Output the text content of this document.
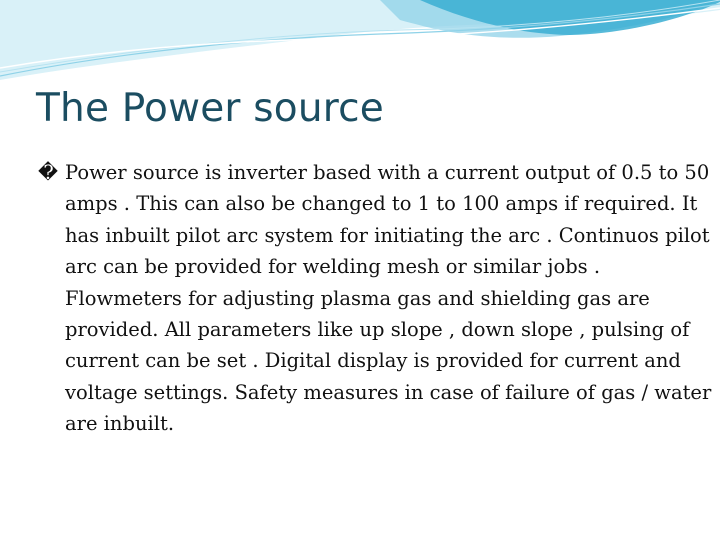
The Power source

� Power source is inverter based with a current output of 0.5 to 50 amps . This can also be changed to 1 to 100 amps if required. It has inbuilt pilot arc system for initiating the arc . Continuos pilot arc can be provided for welding mesh or similar jobs . Flowmeters for adjusting plasma gas and shielding gas are provided. All parameters like up slope , down slope , pulsing of current can be set . Digital display is provided for current and voltage settings. Safety measures in case of failure of gas / water are inbuilt.
